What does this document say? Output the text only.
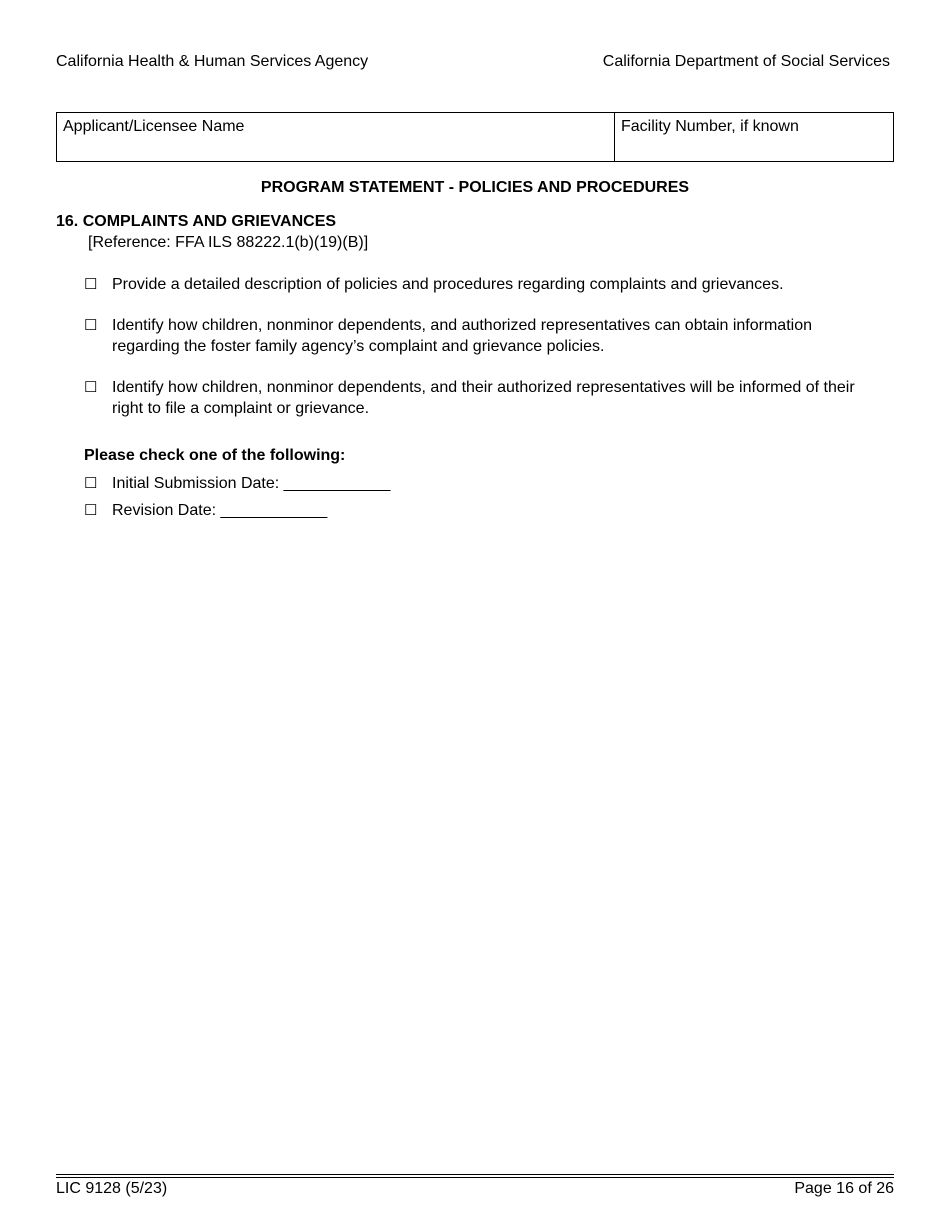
California Health & Human Services Agency	California Department of Social Services
Applicant/Licensee Name	Facility Number, if known
PROGRAM STATEMENT - POLICIES AND PROCEDURES
16. COMPLAINTS AND GRIEVANCES
[Reference: FFA ILS 88222.1(b)(19)(B)]
☐ Provide a detailed description of policies and procedures regarding complaints and grievances.
☐ Identify how children, nonminor dependents, and authorized representatives can obtain information regarding the foster family agency’s complaint and grievance policies.
☐ Identify how children, nonminor dependents, and their authorized representatives will be informed of their right to file a complaint or grievance.
Please check one of the following:
☐ Initial Submission Date: ____________
☐ Revision Date: ____________
LIC 9128 (5/23)	Page 16 of 26
